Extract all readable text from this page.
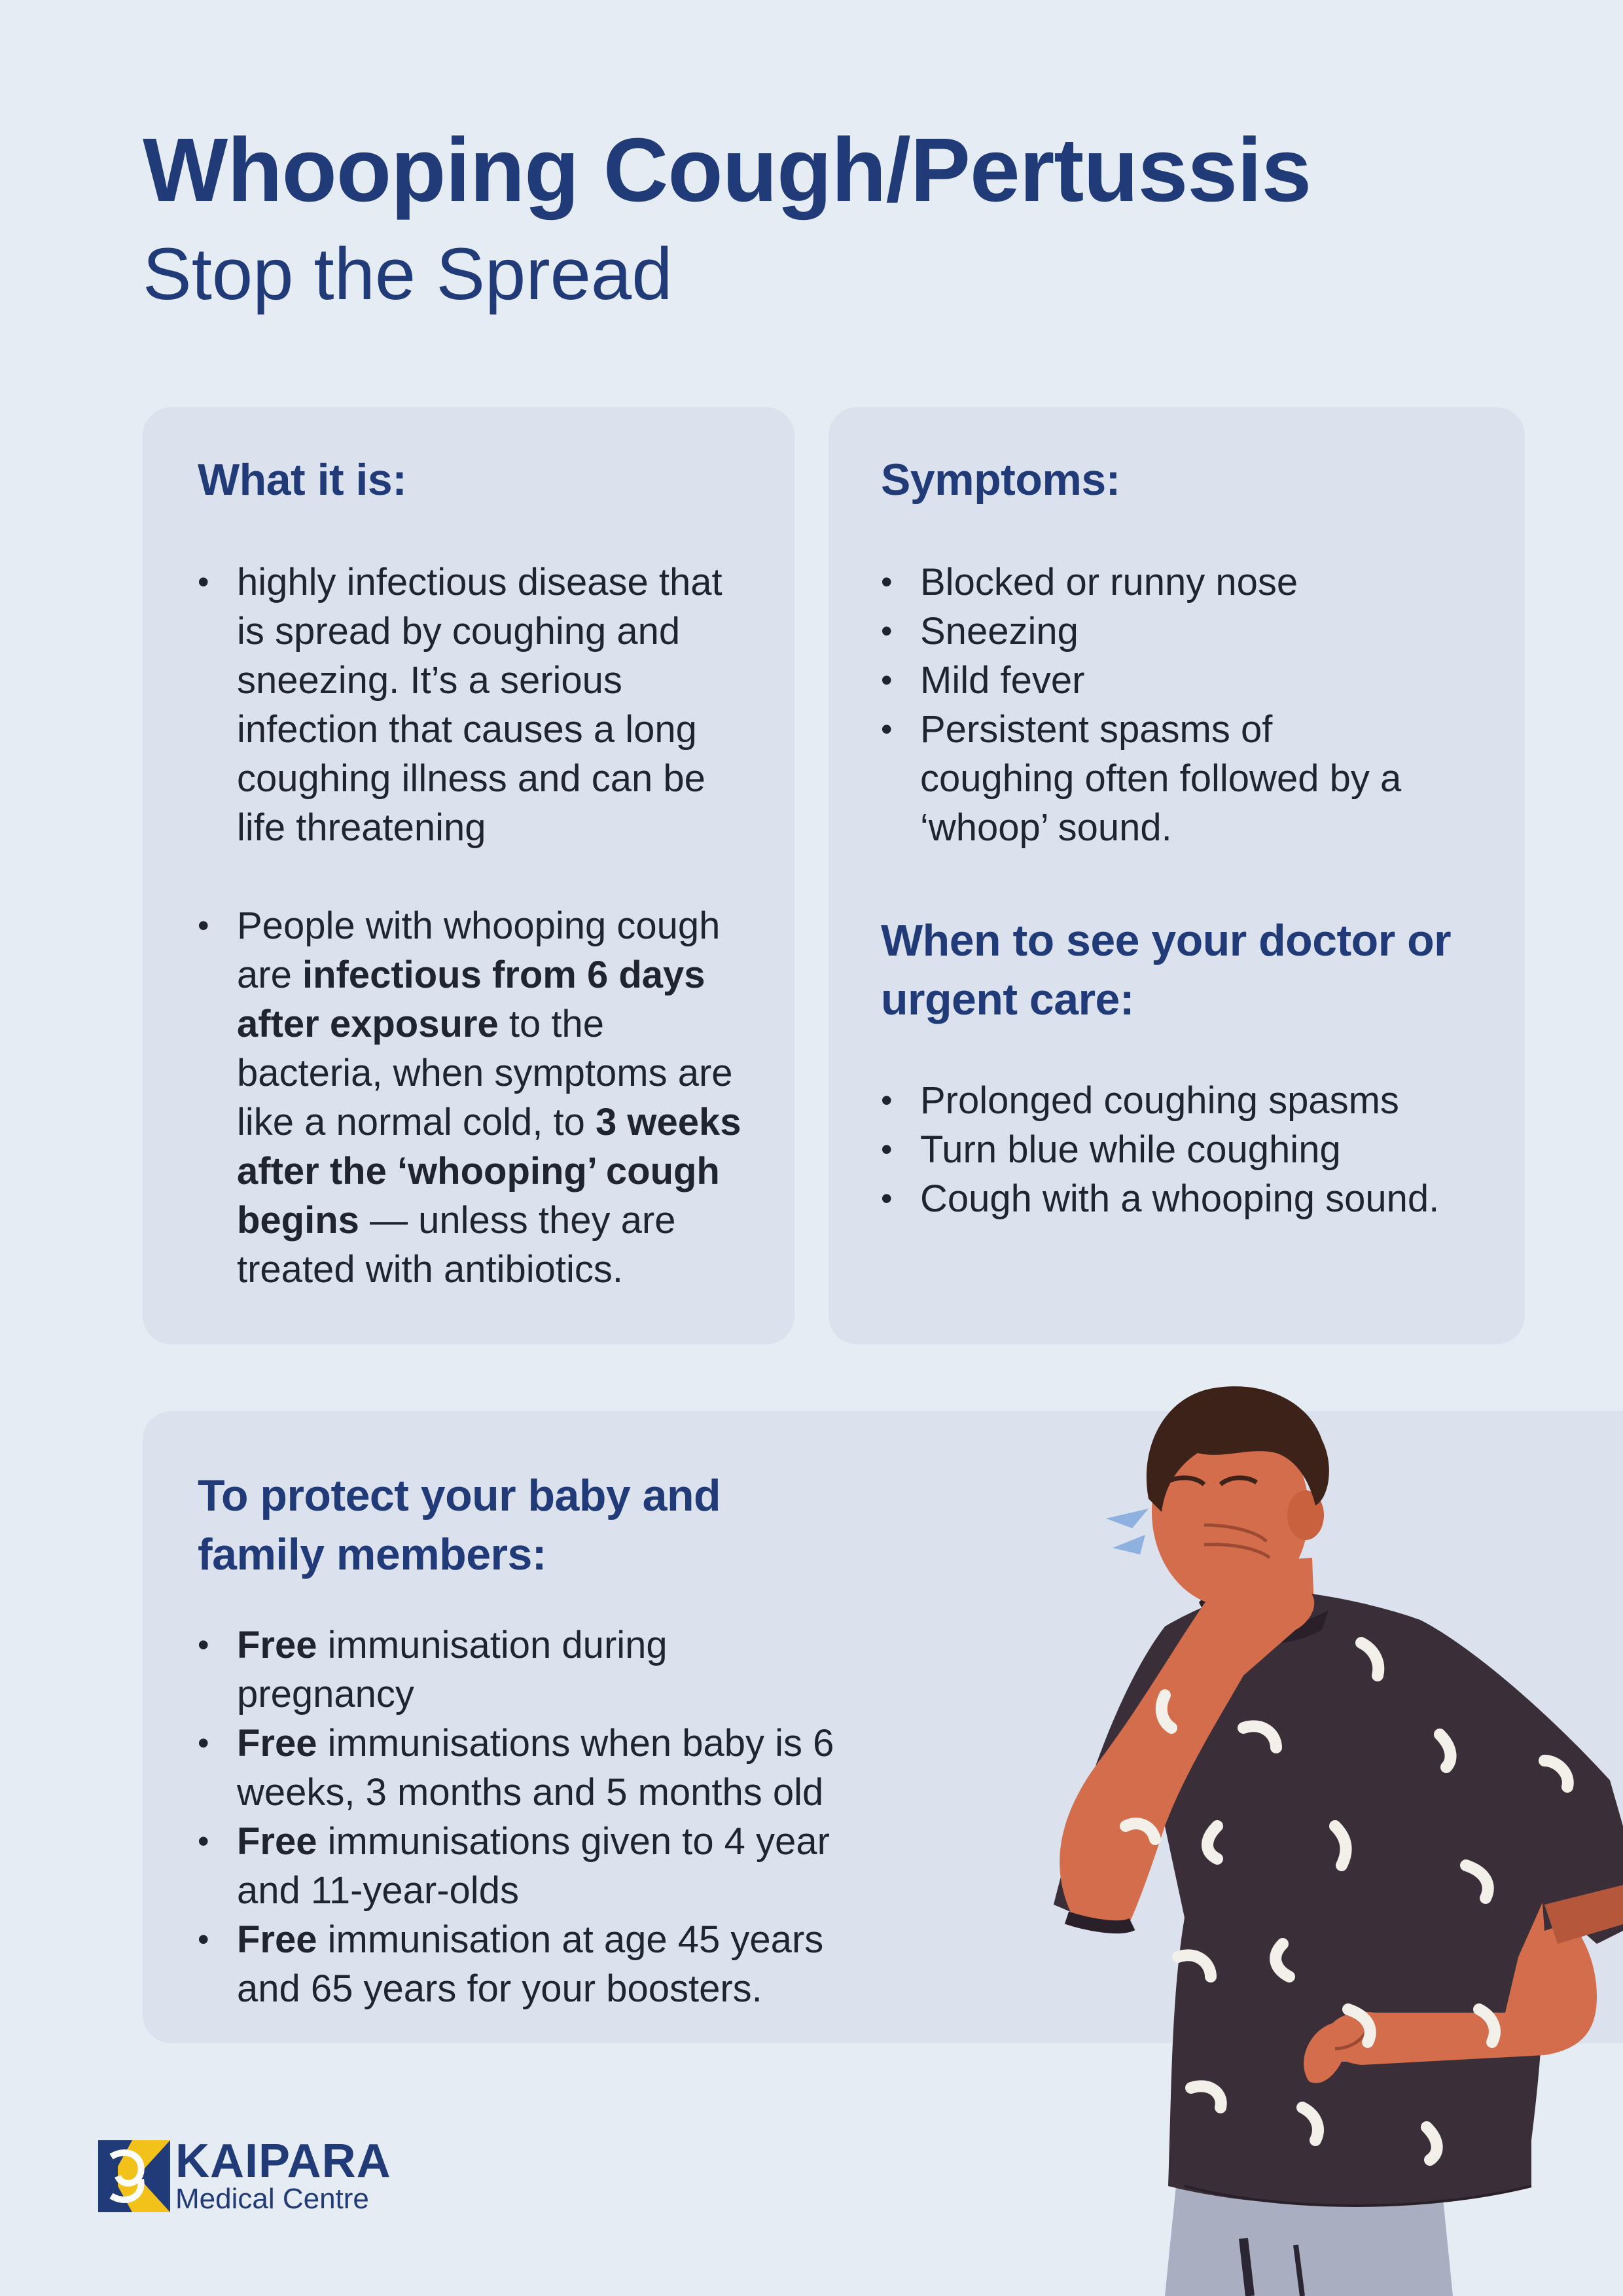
Whooping Cough/Pertussis
Stop the Spread
What it is:
• highly infectious disease that is spread by coughing and sneezing. It’s a serious infection that causes a long coughing illness and can be life threatening
• People with whooping cough are infectious from 6 days after exposure to the bacteria, when symptoms are like a normal cold, to 3 weeks after the ‘whooping’ cough begins — unless they are treated with antibiotics.
Symptoms:
• Blocked or runny nose
• Sneezing
• Mild fever
• Persistent spasms of coughing often followed by a ‘whoop’ sound.
When to see your doctor or urgent care:
• Prolonged coughing spasms
• Turn blue while coughing
• Cough with a whooping sound.
To protect your baby and family members:
• Free immunisation during pregnancy
• Free immunisations when baby is 6 weeks, 3 months and 5 months old
• Free immunisations given to 4 year and 11-year-olds
• Free immunisation at age 45 years and 65 years for your boosters.
KAIPARA
Medical Centre
